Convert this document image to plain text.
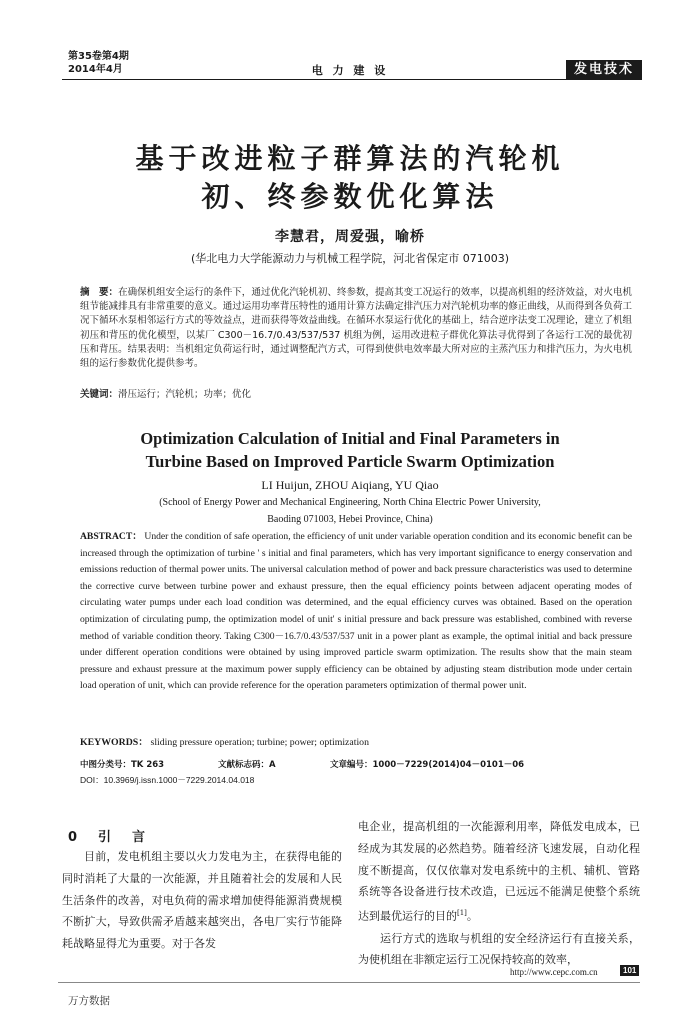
第35卷第4期
2014年4月	电 力 建 设	发电技术
基于改进粒子群算法的汽轮机
初、终参数优化算法
李慧君，周爱强，喻桥
(华北电力大学能源动力与机械工程学院，河北省保定市 071003)
摘　要：在确保机组安全运行的条件下，通过优化汽轮机初、终参数，提高其变工况运行的效率，以提高机组的经济效益，对火电机组节能减排具有非常重要的意义。通过运用功率背压特性的通用计算方法确定排汽压力对汽轮机功率的修正曲线，从而得到各负荷工况下循环水泵相邻运行方式的等效益点，进而获得等效益曲线。在循环水泵运行优化的基础上，结合逆序法变工况理论，建立了机组初压和背压的优化模型，以某厂 C300－16.7/0.43/537/537 机组为例，运用改进粒子群优化算法寻优得到了各运行工况的最优初压和背压。结果表明：当机组定负荷运行时，通过调整配汽方式，可得到使供电效率最大所对应的主蒸汽压力和排汽压力，为火电机组的运行参数优化提供参考。
关键词：滑压运行；汽轮机；功率；优化
Optimization Calculation of Initial and Final Parameters in
Turbine Based on Improved Particle Swarm Optimization
LI Huijun, ZHOU Aiqiang, YU Qiao
(School of Energy Power and Mechanical Engineering, North China Electric Power University,
Baoding 071003, Hebei Province, China)
ABSTRACT： Under the condition of safe operation, the efficiency of unit under variable operation condition and its economic benefit can be increased through the optimization of turbine ' s initial and final parameters, which has very important significance to energy conservation and emissions reduction of thermal power units. The universal calculation method of power and back pressure characteristics was used to determine the corrective curve between turbine power and exhaust pressure, then the equal efficiency points between adjacent operating modes of circulating water pumps under each load condition was determined, and the equal efficiency curves was obtained. Based on the operation optimization of circulating pump, the optimization model of unit' s initial pressure and back pressure was established, combined with reverse method of variable condition theory. Taking C300－16.7/0.43/537/537 unit in a power plant as example, the optimal initial and back pressure under different operation conditions were obtained by using improved particle swarm optimization. The results show that the main steam pressure and exhaust pressure at the maximum power supply efficiency can be obtained by adjusting steam distribution mode under certain load operation of unit, which can provide reference for the operation parameters optimization of thermal power unit.
KEYWORDS： sliding pressure operation; turbine; power; optimization
中图分类号：TK 263	文献标志码：A	文章编号：1000－7229(2014)04－0101－06
DOI：10.3969/j.issn.1000－7229.2014.04.018
0　引　言
目前，发电机组主要以火力发电为主，在获得电能的同时消耗了大量的一次能源，并且随着社会的发展和人民生活条件的改善，对电负荷的需求增加使得能源消费规模不断扩大，导致供需矛盾越来越突出，各电厂实行节能降耗战略显得尤为重要。对于各发

电企业，提高机组的一次能源利用率，降低发电成本，已经成为其发展的必然趋势。随着经济飞速发展，自动化程度不断提高，仅仅依靠对发电系统中的主机、辅机、管路系统等各设备进行技术改造，已远远不能满足使整个系统达到最优运行的目的[1]。

运行方式的选取与机组的安全经济运行有直接关系，为使机组在非额定运行工况保持较高的效率，

http://www.cepc.com.cn	101
万方数据
